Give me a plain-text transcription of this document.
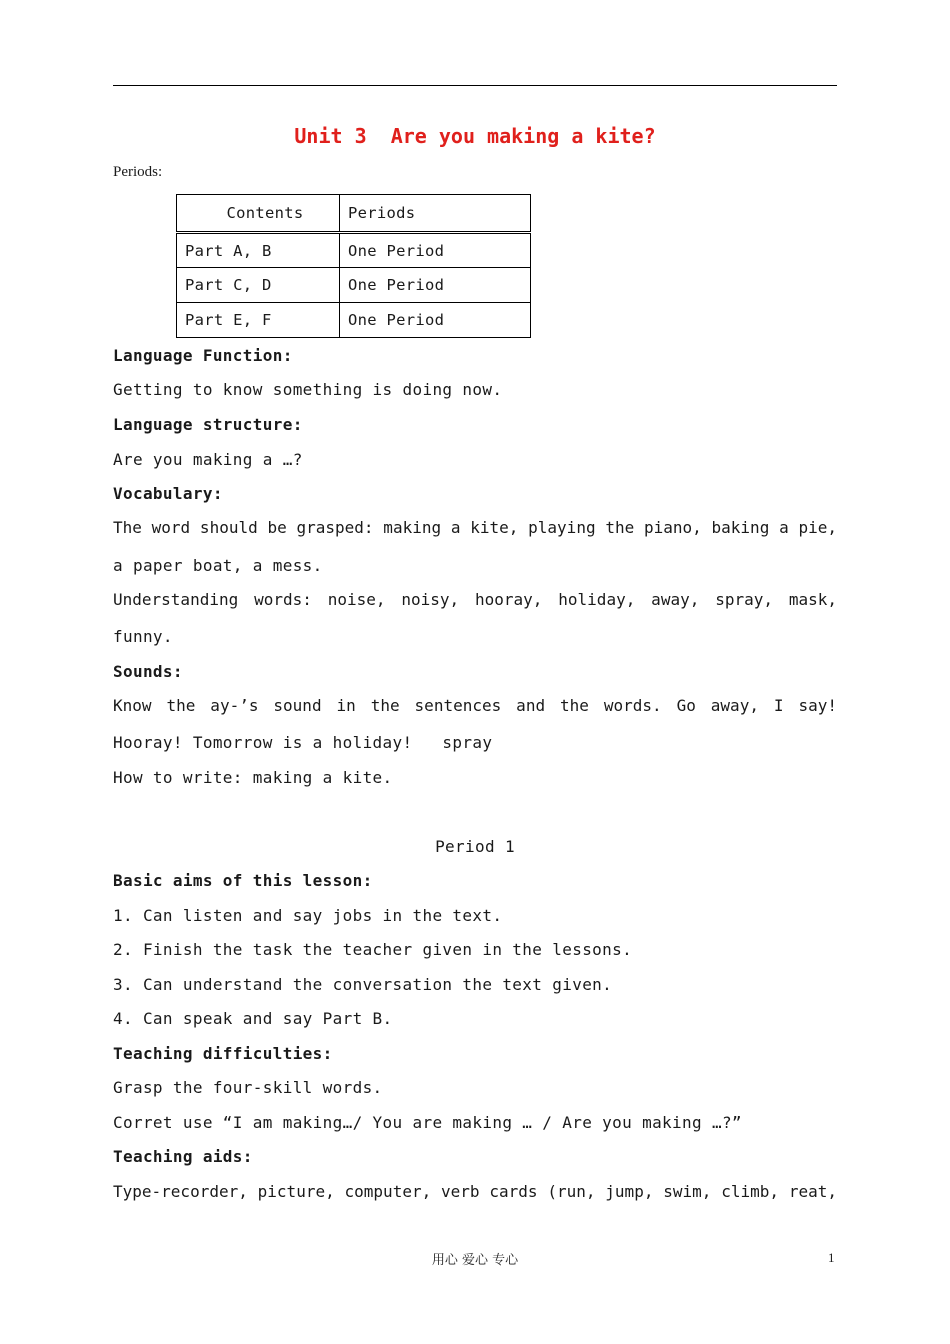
Unit 3  Are you making a kite?
Periods:
Contents	Periods
Part A, B	One Period
Part C, D	One Period
Part E, F	One Period
Language Function:
Getting to know something is doing now.
Language structure:
Are you making a …?
Vocabulary:
The word should be grasped: making a kite, playing the piano, baking a pie,
a paper boat, a mess.
Understanding words: noise, noisy, hooray, holiday, away, spray, mask,
funny.
Sounds:
Know the ay-’s sound in the sentences and the words. Go away, I say!
Hooray! Tomorrow is a holiday!   spray
How to write: making a kite.
Period 1
Basic aims of this lesson:
1. Can listen and say jobs in the text.
2. Finish the task the teacher given in the lessons.
3. Can understand the conversation the text given.
4. Can speak and say Part B.
Teaching difficulties:
Grasp the four-skill words.
Corret use “I am making…/ You are making … / Are you making …?”
Teaching aids:
Type-recorder, picture, computer, verb cards (run, jump, swim, climb, reat,
用心 爱心 专心	1
